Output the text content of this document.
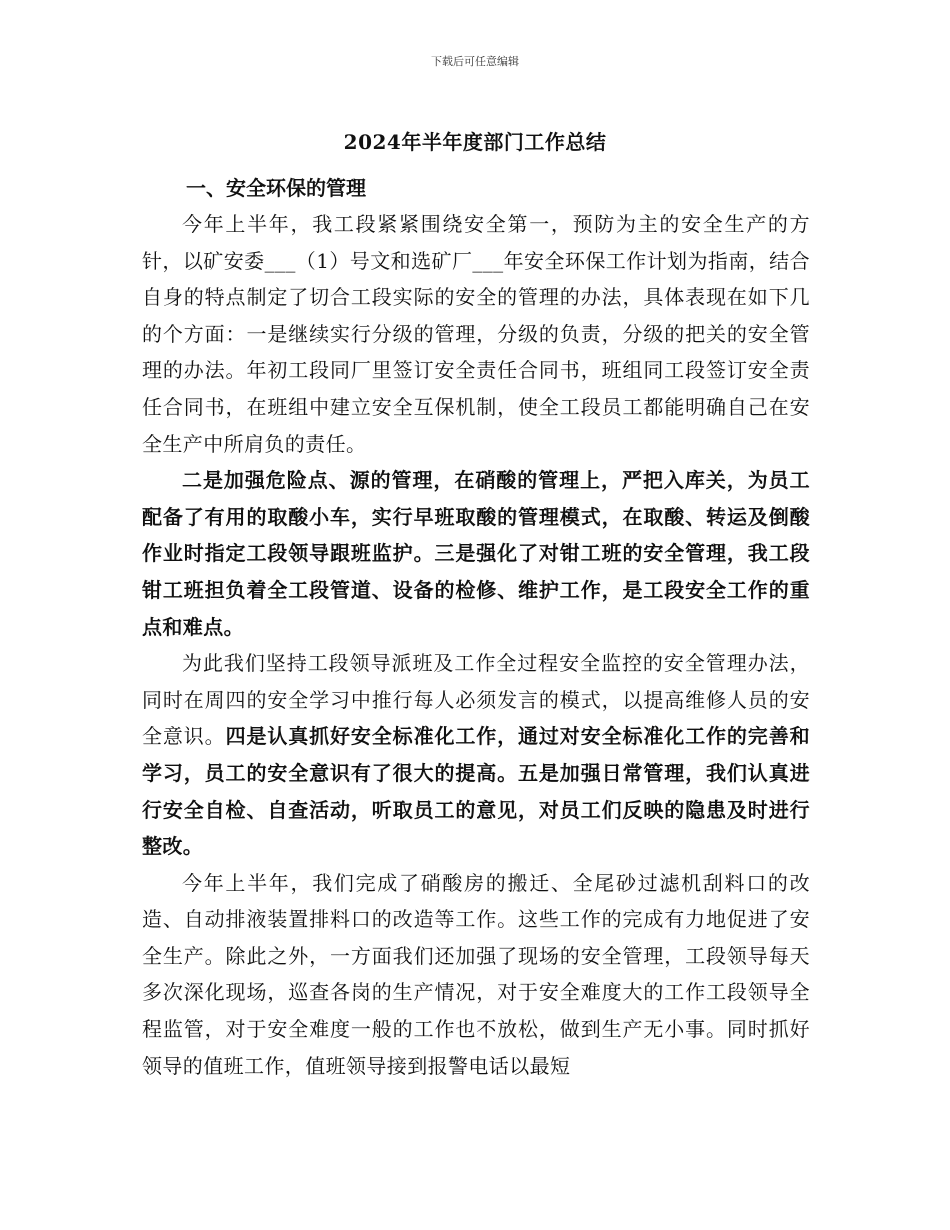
下载后可任意编辑
2024年半年度部门工作总结

一、安全环保的管理

今年上半年，我工段紧紧围绕安全第一，预防为主的安全生产的方针，以矿安委___（1）号文和选矿厂___年安全环保工作计划为指南，结合自身的特点制定了切合工段实际的安全的管理的办法，具体表现在如下几的个方面：一是继续实行分级的管理，分级的负责，分级的把关的安全管理的办法。年初工段同厂里签订安全责任合同书，班组同工段签订安全责任合同书，在班组中建立安全互保机制，使全工段员工都能明确自己在安全生产中所肩负的责任。

二是加强危险点、源的管理，在硝酸的管理上，严把入库关，为员工配备了有用的取酸小车，实行早班取酸的管理模式，在取酸、转运及倒酸作业时指定工段领导跟班监护。三是强化了对钳工班的安全管理，我工段钳工班担负着全工段管道、设备的检修、维护工作，是工段安全工作的重点和难点。

为此我们坚持工段领导派班及工作全过程安全监控的安全管理办法，同时在周四的安全学习中推行每人必须发言的模式，以提高维修人员的安全意识。四是认真抓好安全标准化工作，通过对安全标准化工作的完善和学习，员工的安全意识有了很大的提高。五是加强日常管理，我们认真进行安全自检、自查活动，听取员工的意见，对员工们反映的隐患及时进行整改。

今年上半年，我们完成了硝酸房的搬迁、全尾砂过滤机刮料口的改造、自动排液装置排料口的改造等工作。这些工作的完成有力地促进了安全生产。除此之外，一方面我们还加强了现场的安全管理，工段领导每天多次深化现场，巡查各岗的生产情况，对于安全难度大的工作工段领导全程监管，对于安全难度一般的工作也不放松，做到生产无小事。同时抓好领导的值班工作，值班领导接到报警电话以最短
